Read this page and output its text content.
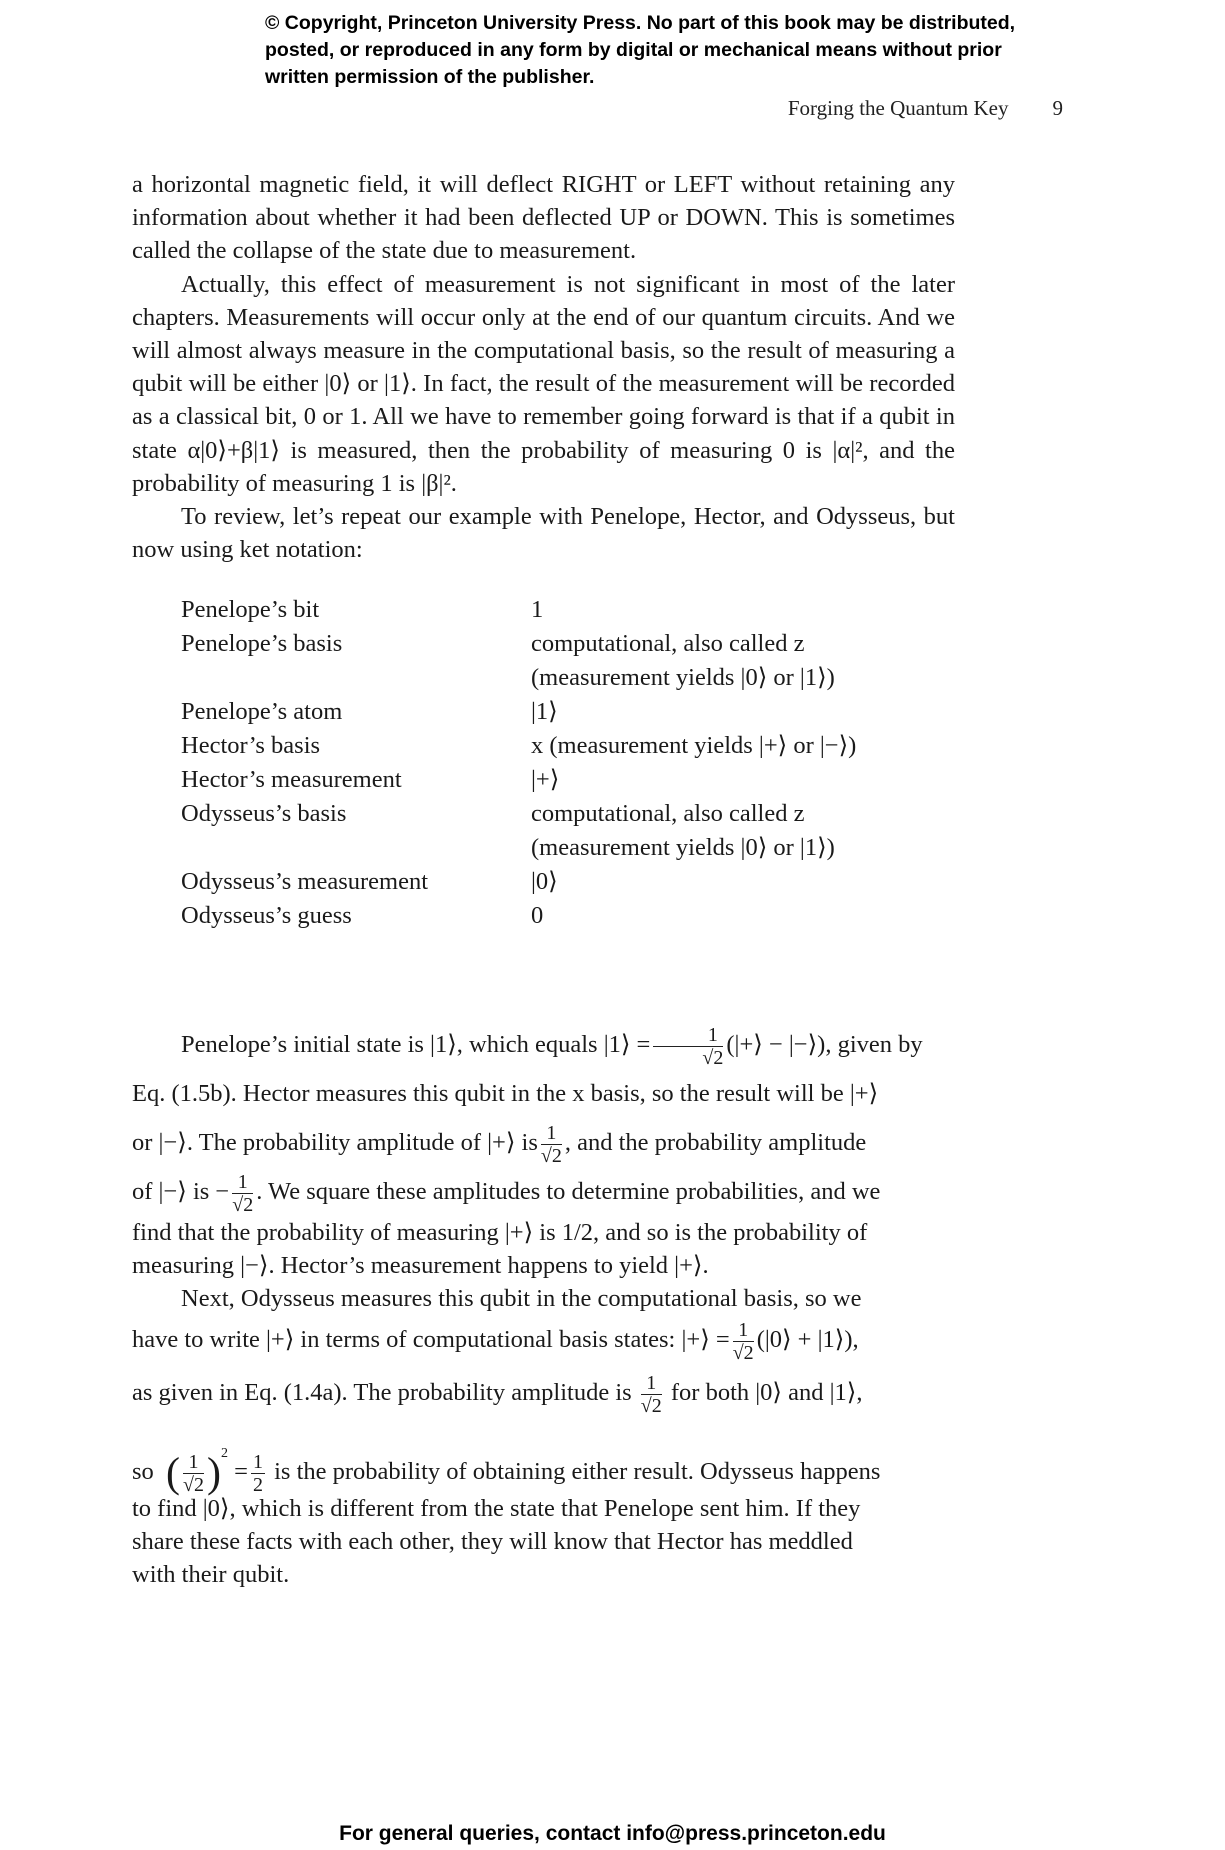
© Copyright, Princeton University Press. No part of this book may be distributed, posted, or reproduced in any form by digital or mechanical means without prior written permission of the publisher.
Forging the Quantum Key 9

a horizontal magnetic field, it will deflect RIGHT or LEFT without retaining any information about whether it had been deflected UP or DOWN. This is sometimes called the collapse of the state due to measurement.

Actually, this effect of measurement is not significant in most of the later chapters. Measurements will occur only at the end of our quantum circuits. And we will almost always measure in the computational basis, so the result of measuring a qubit will be either |0⟩ or |1⟩. In fact, the result of the measurement will be recorded as a classical bit, 0 or 1. All we have to remember going forward is that if a qubit in state α|0⟩+β|1⟩ is measured, then the probability of measuring 0 is |α|², and the probability of measuring 1 is |β|².

To review, let’s repeat our example with Penelope, Hector, and Odysseus, but now using ket notation:

Penelope’s bit	1
Penelope’s basis	computational, also called z
(measurement yields |0⟩ or |1⟩)

Penelope’s atom	|1⟩
Hector’s basis	x (measurement yields |+⟩ or |−⟩)
Hector’s measurement	|+⟩
Odysseus’s basis	computational, also called z
(measurement yields |0⟩ or |1⟩)

Odysseus’s measurement	|0⟩
Odysseus’s guess	0
Penelope’s initial state is |1⟩, which equals |1⟩ = $\frac{1}{√2}$ (|+⟩ − |−⟩), given by
Eq. (1.5b). Hector measures this qubit in the x basis, so the result will be |+⟩
or |−⟩. The probability amplitude of |+⟩ is $\frac{1}{√2}$ , and the probability amplitude
of |−⟩ is − $\frac{1}{√2}$ . We square these amplitudes to determine probabilities, and we
find that the probability of measuring |+⟩ is 1/2, and so is the probability of
measuring |−⟩. Hector’s measurement happens to yield |+⟩.
Next, Odysseus measures this qubit in the computational basis, so we
have to write |+⟩ in terms of computational basis states: |+⟩ = $\frac{1}{√2}$ (|0⟩ + |1⟩),
as given in Eq. (1.4a). The probability amplitude is $\frac{1}{√2}$ for both |0⟩ and |1⟩,
so ( $\frac{1}{√2} )^2 = \frac{1}{2}$ is the probability of obtaining either result. Odysseus happens
to find |0⟩, which is different from the state that Penelope sent him. If they
share these facts with each other, they will know that Hector has meddled
with their qubit.
For general queries, contact info@press.princeton.edu
